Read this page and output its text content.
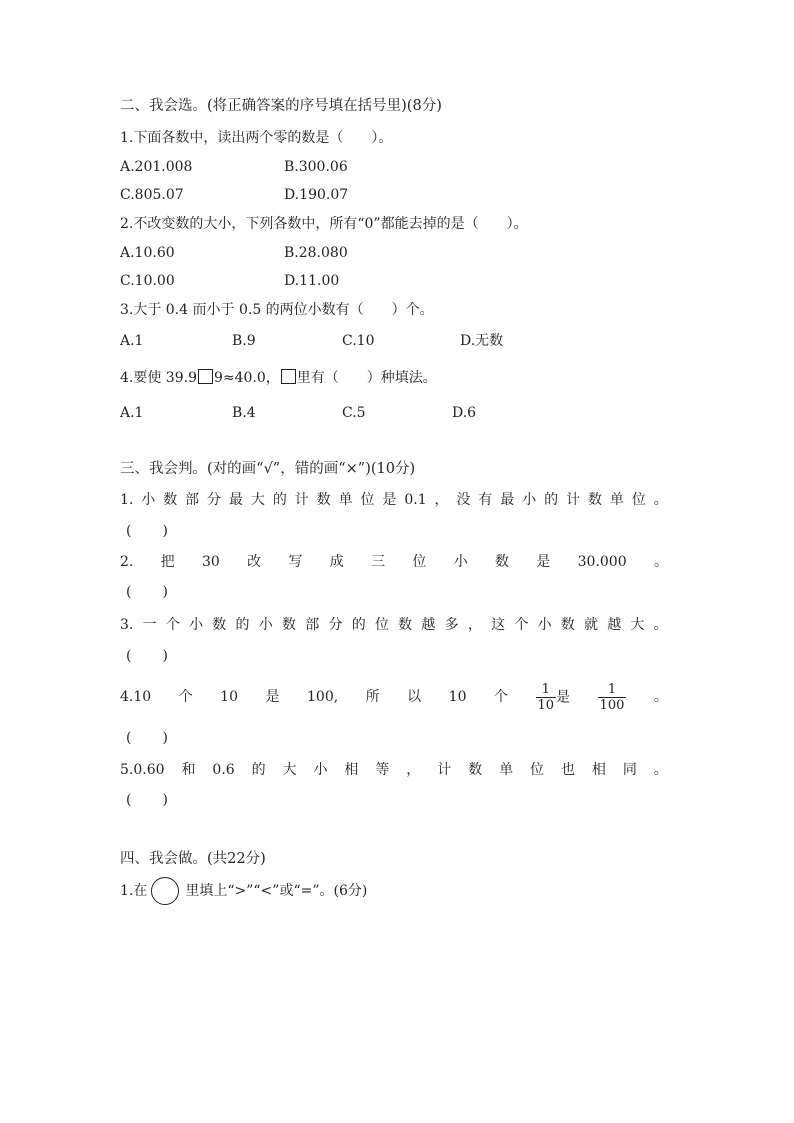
二、我会选。(将正确答案的序号填在括号里)(8分)
1.下面各数中，读出两个零的数是（　　）。
A.201.008	B.300.06
C.805.07	D.190.07
2.不改变数的大小，下列各数中，所有“0”都能去掉的是（　　）。
A.10.60	B.28.080
C.10.00	D.11.00
3.大于 0.4 而小于 0.5 的两位小数有（　　）个。
A.1	B.9	C.10	D.无数
4.要使 39.9 9≈40.0， 里有（　　）种填法。
A.1	B.4	C.5	D.6
三、我会判。(对的画“√”，错的画“×”)(10分)
1. 小 数 部 分 最 大 的 计 数 单 位 是 0.1 ， 没 有 最 小 的 计 数 单 位 。
(　　)
2. 把 30 改 写 成 三 位 小 数 是 30.000 。
(　　)
3. 一 个 小 数 的 小 数 部 分 的 位 数 越 多 ， 这 个 小 数 就 越 大 。
(　　)
4.10 个 10 是 100, 所 以 10 个 $\frac{1}{10}$ 是 $\frac{1}{100}$ 。
(　　)
5.0.60 和 0.6 的 大 小 相 等 ， 计 数 单 位 也 相 同 。
(　　)
四、我会做。(共22分)
1.在	里填上“>”“<”或“=”。(6分)
